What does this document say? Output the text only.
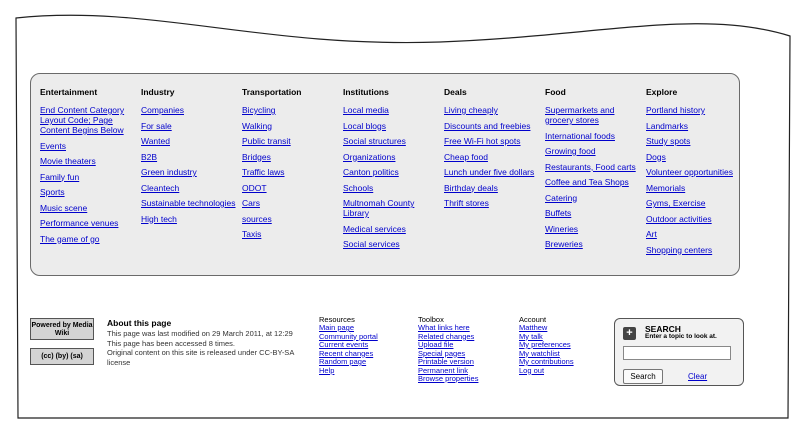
Entertainment
End Content Category Layout Code; Page Content Begins Below
Events
Movie theaters
Family fun
Sports
Music scene
Performance venues
The game of go
Industry
Companies
For sale
Wanted
B2B
Green industry
Cleantech
Sustainable technologies
High tech
Transportation
Bicycling
Walking
Public transit
Bridges
Traffic laws
ODOT
Cars
sources
Taxis
Institutions
Local media
Local blogs
Social structures
Organizations
Canton politics
Schools
Multnomah County Library
Medical services
Social services
Deals
Living cheaply
Discounts and freebies
Free Wi-Fi hot spots
Cheap food
Lunch under five dollars
Birthday deals
Thrift stores
Food
Supermarkets and grocery stores
International foods
Growing food
Restaurants, Food carts
Coffee and Tea Shops
Catering
Buffets
Wineries
Breweries
Explore
Portland history
Landmarks
Study spots
Dogs
Volunteer opportunities
Memorials
Gyms, Exercise
Outdoor activities
Art
Shopping centers
Powered by Media Wiki
(cc) (by) (sa)
About this page

This page was last modified on 29 March 2011, at 12:29

This page has been accessed 8 times.

Original content on this site is released under CC-BY-SA license

Resources
Main page
Community portal
Current events
Recent changes
Random page
Help
Toolbox
What links here
Related changes
Upload file
Special pages
Printable version
Permanent link
Browse properties
Account
Matthew
My talk
My preferences
My watchlist
My contributions
Log out
+	SEARCH
Enter a topic to look at.
Search	Clear
